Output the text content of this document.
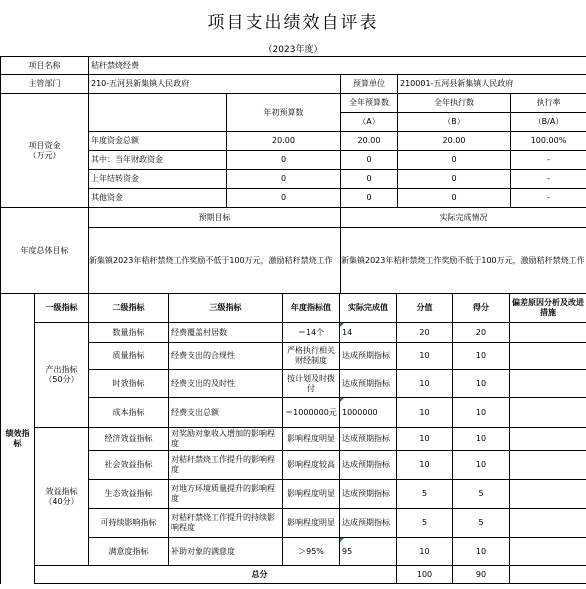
项目支出绩效自评表
（2023年度）
项目名称	秸秆禁烧经费				
主管部门	210-五河县新集镇人民政府		预算单位	210001-五河县新集镇人民政府	
项目资金
（万元）		年初预算数	全年预算数	全年执行数	执行率
			（A）	（B）	（B/A）
	年度资金总额	20.00	20.00	20.00	100.00%
	其中：当年财政资金	0	0	0	-
	上年结转资金	0	0	0	-
	其他资金	0	0	0	-
年度总体目标	预期目标	实际完成情况
	新集镇2023年秸秆禁烧工作奖励不低于100万元，激励秸秆禁烧工作	新集镇2023年秸秆禁烧工作奖励不低于100万元，激励秸秆禁烧工作
绩效指标	一级指标	二级指标	三级指标	年度指标值	实际完成值	分值	得分	偏差原因分析及改进措施
	产出指标（50分）	数量指标	经费覆盖村居数	＝14个	14	20	20	
		质量指标	经费支出的合规性	严格执行相关财经制度	达成预期指标	10	10	
		时效指标	经费支出的及时性	按计划及时拨付	达成预期指标	10	10	
		成本指标	经费支出总额	＝1000000元	1000000	10	10	
	效益指标（40分）	经济效益指标	对奖励对象收入增加的影响程度	影响程度明显	达成预期指标	10	10	
		社会效益指标	对秸秆禁烧工作提升的影响程度	影响程度较高	达成预期指标	10	10	
		生态效益指标	对地方环境质量提升的影响程度	影响程度明显	达成预期指标	5	5	
		可持续影响指标	对秸秆禁烧工作提升的持续影响程度	影响程度明显	达成预期指标	5	5	
		满意度指标	补助对象的满意度	＞95%	95	10	10	
	总分					100	90	
